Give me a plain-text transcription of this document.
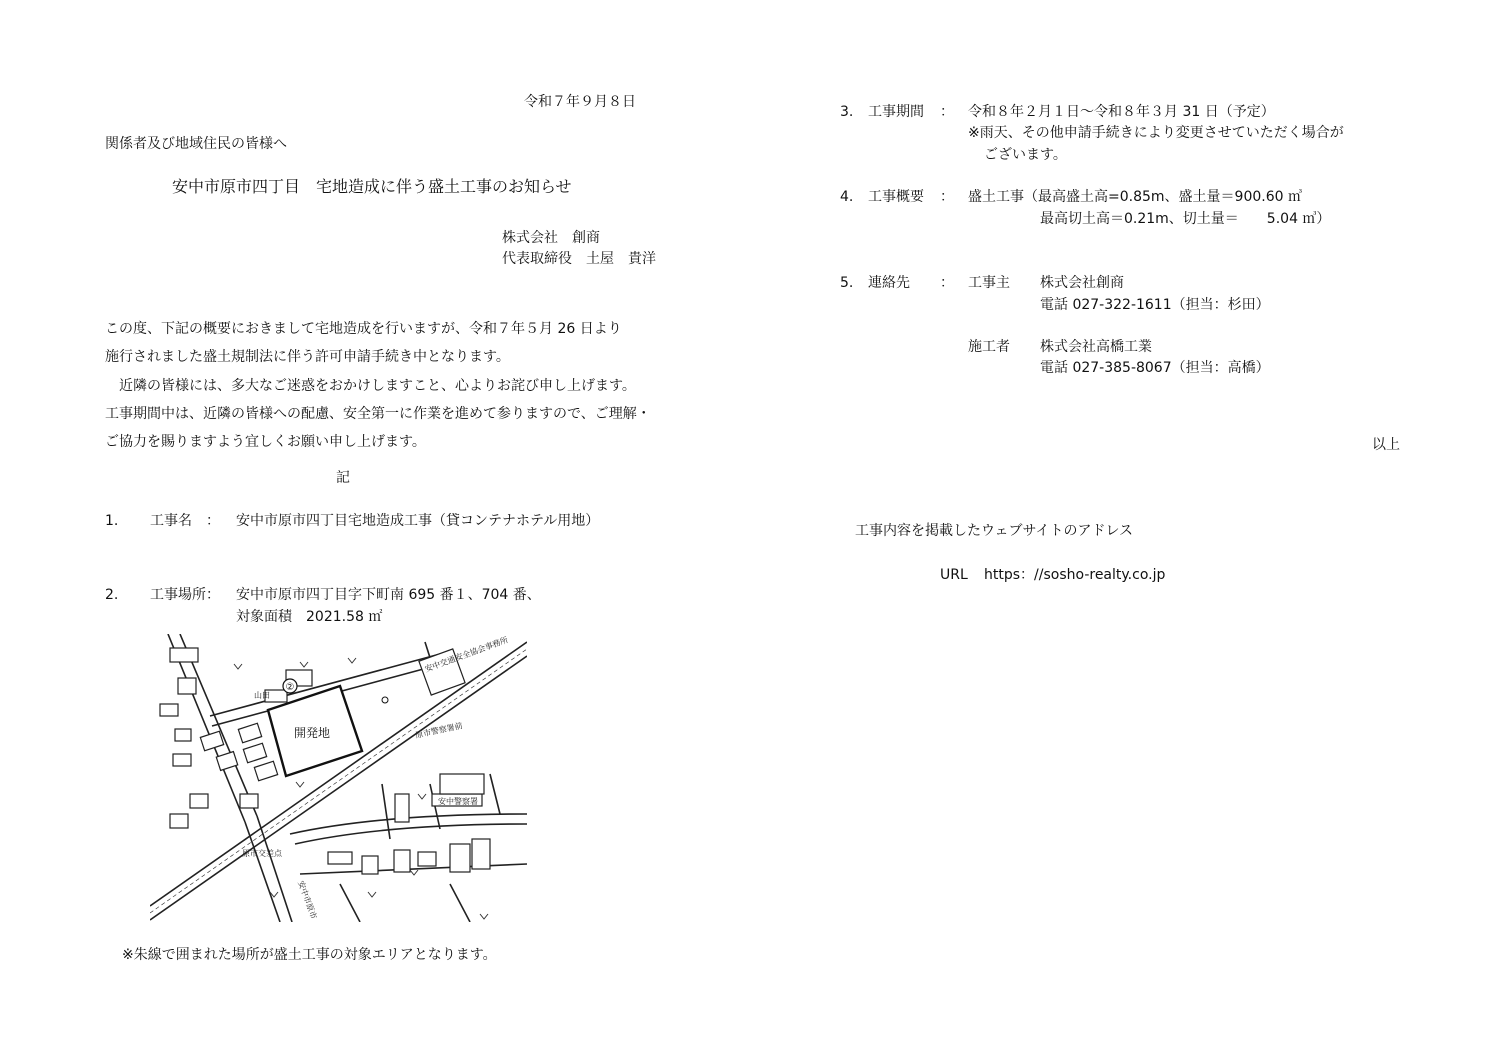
令和７年９月８日
関係者及び地域住民の皆様へ
安中市原市四丁目　宅地造成に伴う盛土工事のお知らせ
株式会社　創商
代表取締役　土屋　貴洋
この度、下記の概要におきまして宅地造成を行いますが、令和７年５月 26 日より
施行されました盛土規制法に伴う許可申請手続き中となります。
近隣の皆様には、多大なご迷惑をおかけしますこと、心よりお詫び申し上げます。
工事期間中は、近隣の皆様への配慮、安全第一に作業を進めて参りますので、ご理解・
ご協力を賜りますよう宜しくお願い申し上げます。
記
1. 工事名　： 安中市原市四丁目宅地造成工事（貸コンテナホテル用地）
2. 工事場所： 安中市原市四丁目字下町南 695 番１、704 番、
対象面積　2021.58 ㎡
開発地
②
安中交通安全協会事務所
原市警察署前
山田
安中警察署
原市交差点
安中市原市
※朱線で囲まれた場所が盛土工事の対象エリアとなります。
3. 工事期間 ： 令和８年２月１日～令和８年３月 31 日（予定）
※雨天、その他申請手続きにより変更させていただく場合が
ございます。
4. 工事概要 ： 盛土工事（最高盛土高=0.85m、盛土量＝900.60 ㎥
最高切土高＝0.21m、切土量＝　　5.04 ㎥）
5. 連絡先 ： 工事主 株式会社創商
電話 027-322-1611（担当：杉田）
施工者 株式会社高橋工業
電話 027-385-8067（担当：高橋）
以上
工事内容を掲載したウェブサイトのアドレス
URL https：//sosho-realty.co.jp
